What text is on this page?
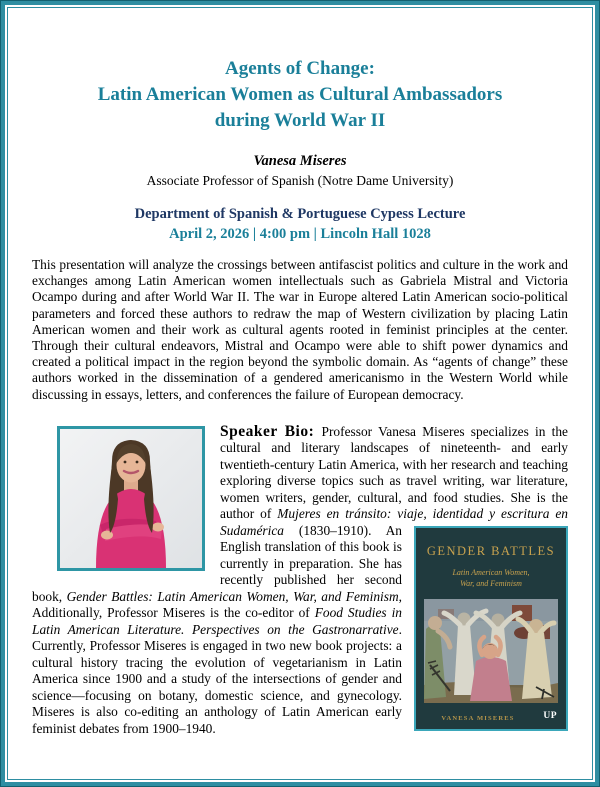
Agents of Change:
Latin American Women as Cultural Ambassadors
during World War II
Vanesa Miseres
Associate Professor of Spanish (Notre Dame University)
Department of Spanish & Portuguese Cypess Lecture
April 2, 2026 | 4:00 pm | Lincoln Hall 1028
This presentation will analyze the crossings between antifascist politics and culture in the work and exchanges among Latin American women intellectuals such as Gabriela Mistral and Victoria Ocampo during and after World War II. The war in Europe altered Latin American socio-political parameters and forced these authors to redraw the map of Western civilization by placing Latin American women and their work as cultural agents rooted in feminist principles at the center. Through their cultural endeavors, Mistral and Ocampo were able to shift power dynamics and created a political impact in the region beyond the symbolic domain. As “agents of change” these authors worked in the dissemination of a gendered americanismo in the Western World while discussing in essays, letters, and conferences the failure of European democracy.
Speaker Bio: Professor Vanesa Miseres specializes in the cultural and literary landscapes of nineteenth- and early twentieth-century Latin America, with her research and teaching exploring diverse topics such as travel writing, war literature, women writers, gender, cultural, and food studies. She is the author of Mujeres en tránsito: viaje, identidad y
GENDER BATTLES
Latin American Women,
War, and Feminism
VANESA MISERES	UP
escritura en Sudamérica (1830–1910). An English translation of this book is currently in preparation. She has recently published her second book, Gender Battles: Latin American Women, War, and Feminism, Additionally, Professor Miseres is the co-editor of Food Studies in Latin American Literature. Perspectives on the Gastronarrative. Currently, Professor Miseres is engaged in two new book projects: a cultural history tracing the evolution of vegetarianism in Latin America since 1900 and a study of the intersections of gender and science—focusing on botany, domestic science, and gynecology. Miseres is also co-editing an anthology of Latin American early feminist debates from 1900–1940.
